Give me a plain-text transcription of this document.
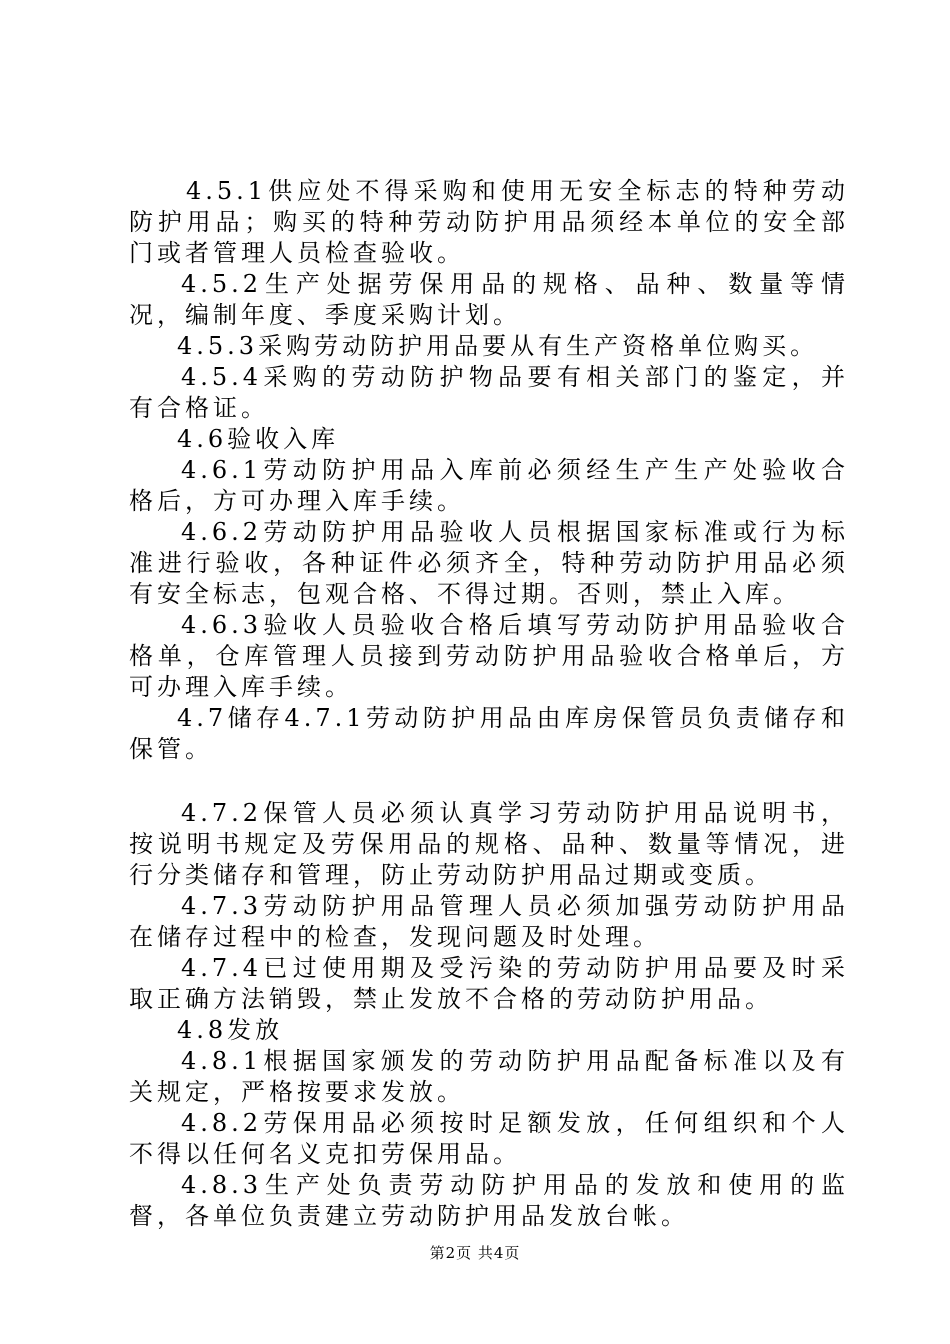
4.5.1供应处不得采购和使用无安全标志的特种劳动防护用品；购买的特种劳动防护用品须经本单位的安全部门或者管理人员检查验收。

4.5.2生产处据劳保用品的规格、品种、数量等情况，编制年度、季度采购计划。

4.5.3采购劳动防护用品要从有生产资格单位购买。

4.5.4采购的劳动防护物品要有相关部门的鉴定，并有合格证。

4.6验收入库

4.6.1劳动防护用品入库前必须经生产生产处验收合格后，方可办理入库手续。

4.6.2劳动防护用品验收人员根据国家标准或行为标准进行验收，各种证件必须齐全，特种劳动防护用品必须有安全标志，包观合格、不得过期。否则，禁止入库。

4.6.3验收人员验收合格后填写劳动防护用品验收合格单，仓库管理人员接到劳动防护用品验收合格单后，方可办理入库手续。

4.7储存4.7.1劳动防护用品由库房保管员负责储存和保管。

4.7.2保管人员必须认真学习劳动防护用品说明书，按说明书规定及劳保用品的规格、品种、数量等情况，进行分类储存和管理，防止劳动防护用品过期或变质。

4.7.3劳动防护用品管理人员必须加强劳动防护用品在储存过程中的检查，发现问题及时处理。

4.7.4已过使用期及受污染的劳动防护用品要及时采取正确方法销毁，禁止发放不合格的劳动防护用品。

4.8发放

4.8.1根据国家颁发的劳动防护用品配备标准以及有关规定，严格按要求发放。

4.8.2劳保用品必须按时足额发放，任何组织和个人不得以任何名义克扣劳保用品。

4.8.3生产处负责劳动防护用品的发放和使用的监督，各单位负责建立劳动防护用品发放台帐。

第2页 共4页
